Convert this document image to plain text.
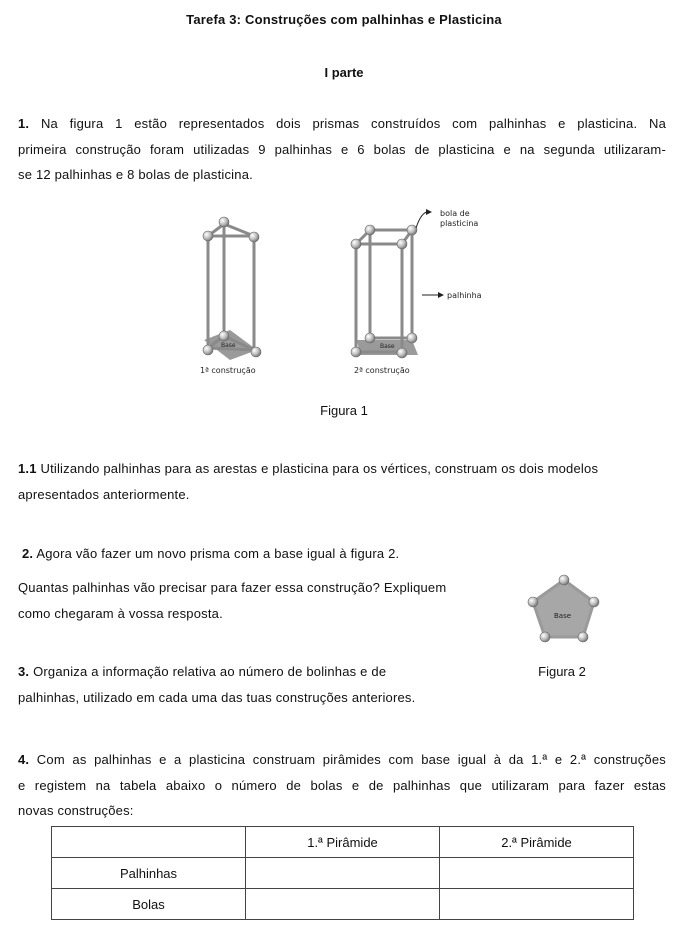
Tarefa 3: Construções com palhinhas e Plasticina
I parte
1. Na figura 1 estão representados dois prismas construídos com palhinhas e plasticina. Na
primeira construção foram utilizadas 9 palhinhas e 6 bolas de plasticina e na segunda utilizaram-
se 12 palhinhas e 8 bolas de plasticina.
Base
1ª construção
Base
2ª construção
bola de
plasticina
palhinha
Figura 1
1.1 Utilizando palhinhas para as arestas e plasticina para os vértices, construam os dois modelos
apresentados anteriormente.
2. Agora vão fazer um novo prisma com a base igual à figura 2.
Quantas palhinhas vão precisar para fazer essa construção? Expliquem
como chegaram à vossa resposta.	Base
Figura 2
3. Organiza a informação relativa ao número de bolinhas e de
palhinhas, utilizado em cada uma das tuas construções anteriores.
4. Com as palhinhas e a plasticina construam pirâmides com base igual à da 1.ª e 2.ª construções
e registem na tabela abaixo o número de bolas e de palhinhas que utilizaram para fazer estas
novas construções:
	1.ª Pirâmide	2.ª Pirâmide
Palhinhas		
Bolas		
